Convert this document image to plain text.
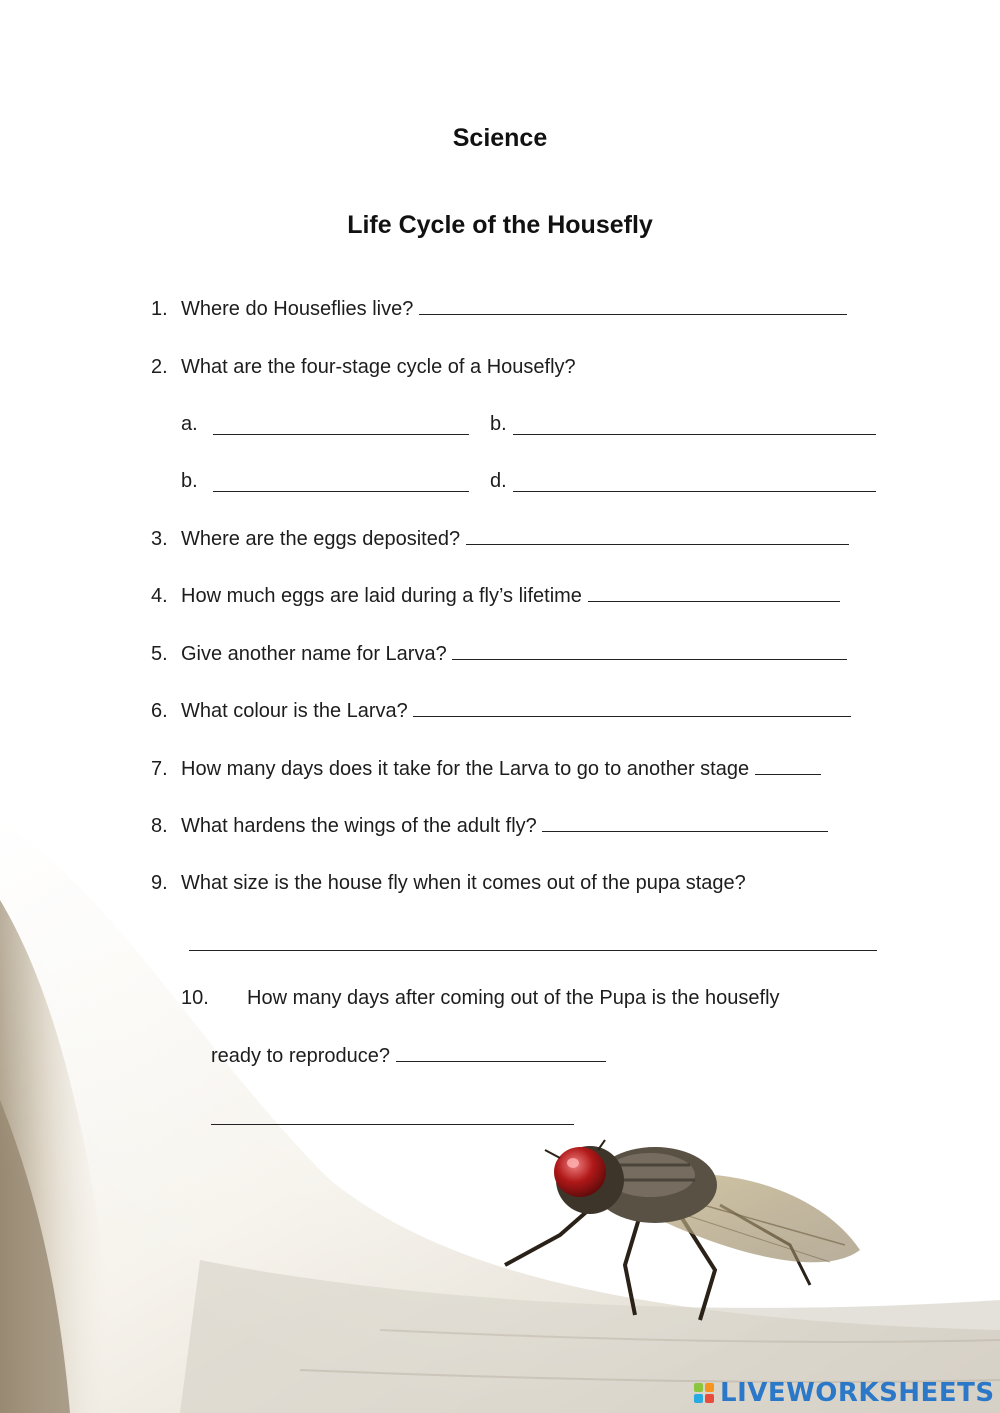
Science
Life Cycle of the Housefly
1. Where do Houseflies live?
2. What are the four-stage cycle of a Housefly?
a.	b.
b.	d.
3. Where are the eggs deposited?
4. How much eggs are laid during a fly’s lifetime
5. Give another name for Larva?
6. What colour is the Larva?
7. How many days does it take for the Larva to go to another stage
8. What hardens the wings of the adult fly?
9. What size is the house fly when it comes out of the pupa stage?
10. How many days after coming out of the Pupa is the housefly
ready to reproduce?
LIVEWORKSHEETS
